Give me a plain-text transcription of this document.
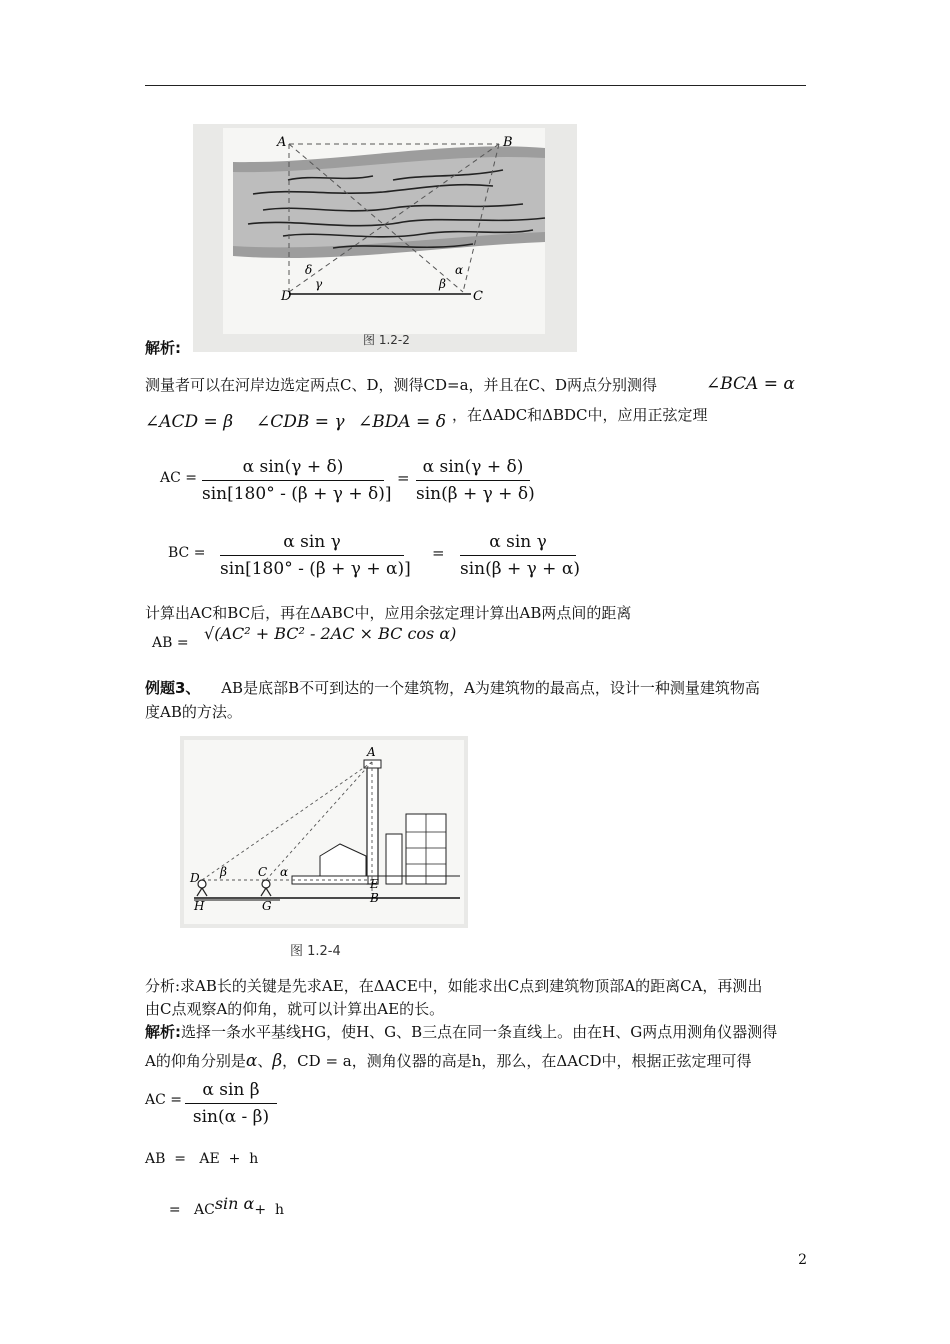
A	B
D	C
δ
γ
α
β
图 1.2-2
解析:
测量者可以在河岸边选定两点C、D，测得CD=a，并且在C、D两点分别测得	∠BCA = α
∠ACD = β ∠CDB = γ ∠BDA = δ ，在ΔADC和ΔBDC中，应用正弦定理
AC =
α sin(γ + δ)
sin[180° - (β + γ + δ)]
=
α sin(γ + δ)
sin(β + γ + δ)
BC =
α sin γ
sin[180° - (β + γ + α)]
=
α sin γ
sin(β + γ + α)
计算出AC和BC后，再在ΔABC中，应用余弦定理计算出AB两点间的距离
AB = √(AC² + BC² - 2AC × BC cos α)
例题3、 AB是底部B不可到达的一个建筑物，A为建筑物的最高点，设计一种测量建筑物高
度AB的方法。
A
D
H
C
G
E
B
β	α
图 1.2-4
分析:求AB长的关键是先求AE，在ΔACE中，如能求出C点到建筑物顶部A的距离CA，再测出
由C点观察A的仰角，就可以计算出AE的长。
解析:选择一条水平基线HG，使H、G、B三点在同一条直线上。由在H、G两点用测角仪器测得
A的仰角分别是α、β，CD = a，测角仪器的高是h，那么，在ΔACD中，根据正弦定理可得
AC =	α sin β
sin(α - β)
AB  =   AE  +  h

=   ACsin α+  h

2
